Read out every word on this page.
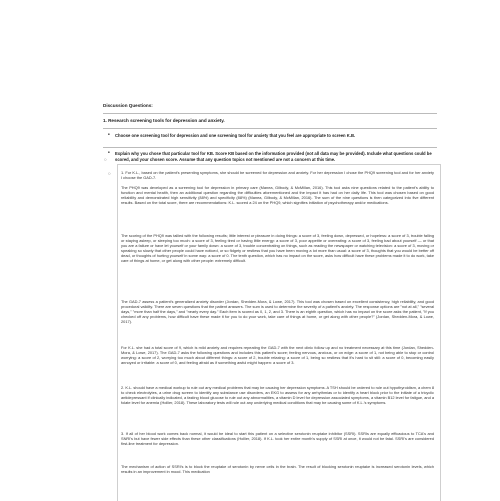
Discussion Questions:
1. Research screening tools for depression and anxiety.
• Choose one screening tool for depression and one screening tool for anxiety that you feel are appropriate to screen K.B.
• Explain why you chose that particular tool for KB. Score KB based on the information provided (not all data may be provided). Include what questions could be scored, and your chosen score. Assume that any question topics not mentioned are not a concern at this time.
○
○	1. For K.L., based on the patient's presenting symptoms, she should be screened for depression and anxiety. For her depression I chose the PHQ9 screening tool and for her anxiety I choose the GAD-7.

The PHQ9 was developed as a screening tool for depression in primary care (Manea, Gilbody, & McMillan, 2016). This tool asks nine questions related to the patient's ability to function and mental health, then an additional question regarding the difficulties aforementioned and the impact it has had on her daily life. This tool was chosen based on good reliability and demonstrated high sensitivity (88%) and specificity (88%) (Manea, Gilbody, & McMillan, 2016). The sum of the nine questions is then categorized into five different results. Based on the total score, there are recommendations: K.L. scored a 24 on the PHQ9, which signifies initiation of psychotherapy and/or medications.

The scoring of the PHQ9 was tallied with the following results; little interest or pleasure in doing things: a score of 3, feeling down, depressed, or hopeless: a score of 3, trouble falling or staying asleep, or sleeping too much: a score of 3, feeling tired or having little energy: a score of 3, poor appetite or overeating: a score of 3, feeling bad about yourself — or that you are a failure or have let yourself or your family down: a score of 3, trouble concentrating on things, such as reading the newspaper or watching television: a score of 3, moving or speaking so slowly that other people could have noticed, or so fidgety or restless that you have been moving a lot more than usual: a score of 3, thoughts that you would be better off dead, or thoughts of hurting yourself in some way: a score of 0. The tenth question, which has no impact on the score, asks how difficult have these problems made it to do work, take care of things at home, or get along with other people: extremely difficult.

The GAD-7 assess a patient's generalized anxiety disorder (Jordan, Shedden-Mora, & Lowe, 2017). This tool was chosen based on excellent consistency, high reliability, and good procedural validity. There are seven questions that the patient answers. The sum is used to determine the severity of a patient's anxiety. The response options are "not at all," "several days," "more than half the days," and "nearly every day." Each item is scored as 0, 1, 2, and 3. There is an eighth question, which has no impact on the score asks the patient, "If you checked off any problems, how difficult have these made it for you to do your work, take care of things at home, or get along with other people?" (Jordan, Shedden-Mora, & Lowe, 2017).

For K.L. she had a total score of 9, which is mild anxiety and requires repeating the GAD-7 with the next clinic follow up and no treatment necessary at this time (Jordan, Shedden-Mora, & Lowe, 2017). The GAD-7 asks the following questions and includes this patient's score; feeling nervous, anxious, or on edge: a score of 1, not being able to stop or control worrying: a score of 2, worrying too much about different things: a score of 2, trouble relaxing: a score of 1, being so restless that it's hard to sit still: a score of 0, becoming easily annoyed or irritable: a score of 0, and feeling afraid as if something awful might happen: a score of 3.

2. K.L. should have a medical workup to rule out any medical problems that may be causing her depression symptoms. A TSH should be ordered to rule out hypothyroidism, a chem 8 to check electrolytes, a urine drug screen to identify any substance use disorders, an EKG to assess for any arrhythmias or to identify a heart block prior to the initiate of a tricyclic antidepressant if clinically indicated, a fasting blood glucose to rule out any abnormalities, a vitamin D level for depression associated symptoms, a vitamin B12 level for fatigue, and a folate level for anemia (Hollier, 2018). These laboratory tests will rule out any underlying medical conditions that may be causing some of K.L.'s symptoms.

3. If all of her blood work comes back normal, it would be ideal to start this patient on a selective serotonin reuptake inhibitor (SSRI). SSRIs are equally efficacious to TCA's and SNRI's but have fewer side effects than these other classifications (Hollier, 2018). If K.L. took her entire month's supply of SSRI at once, it would not be fatal. SSRI's are considered first-line treatment for depression.

The mechanism of action of SSRI's is to block the reuptake of serotonin by nerve cells in the brain. The result of blocking serotonin reuptake is increased serotonin levels, which results in an improvement in mood. This medication
